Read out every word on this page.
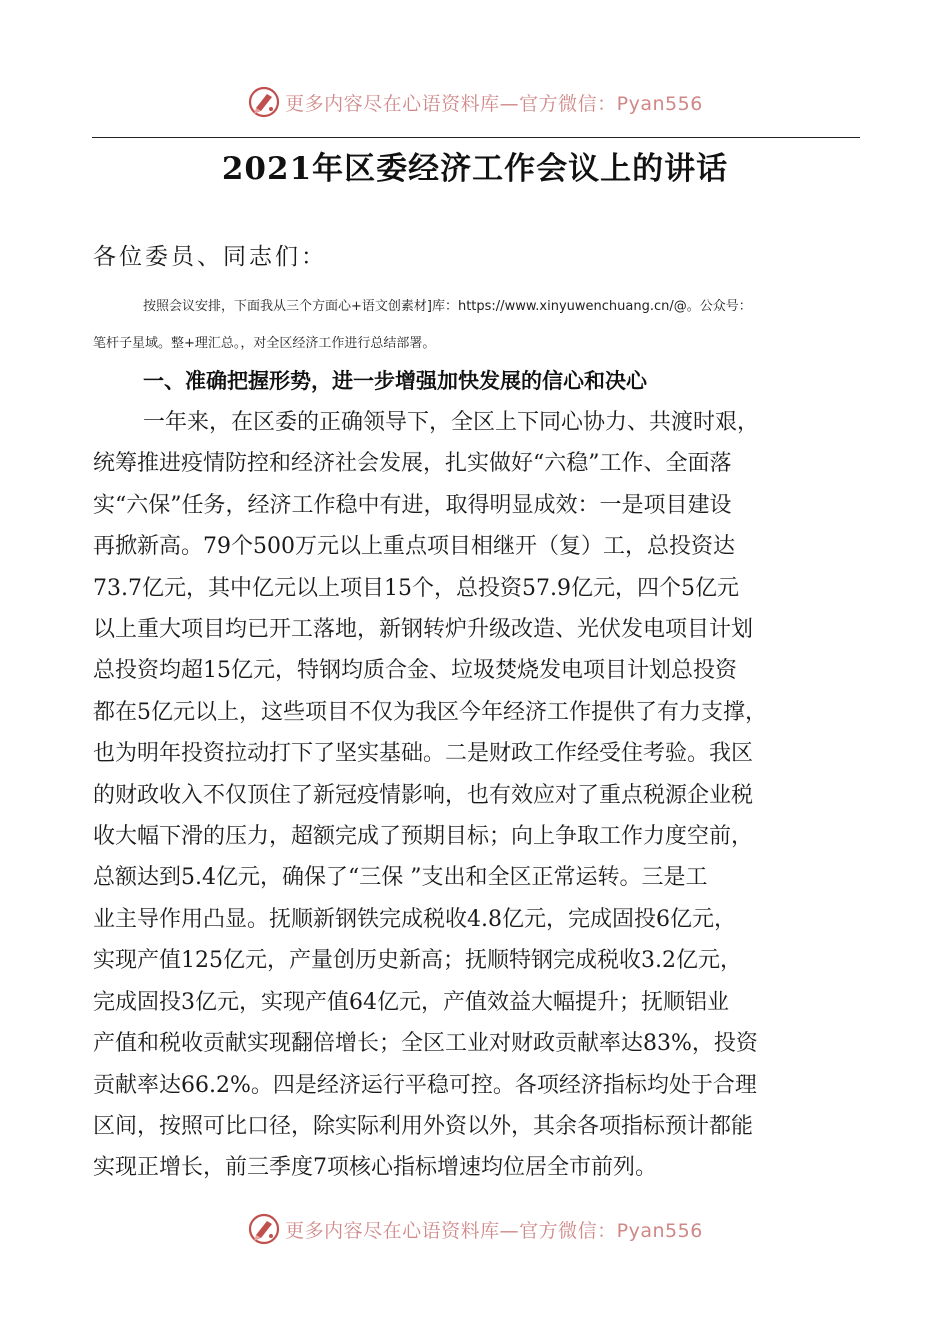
更多内容尽在心语资料库—官方微信：Pyan556
2021年区委经济工作会议上的讲话
各位委员、同志们：
按照会议安排，下面我从三个方面心+语文创素材]库：https://www.xinyuwenchuang.cn/@。公众号：
笔杆子星域。整+理汇总。，对全区经济工作进行总结部署。
一、准确把握形势，进一步增强加快发展的信心和决心
一年来，在区委的正确领导下，全区上下同心协力、共渡时艰，
统筹推进疫情防控和经济社会发展，扎实做好“六稳”工作、全面落
实“六保”任务，经济工作稳中有进，取得明显成效：一是项目建设
再掀新高。79个500万元以上重点项目相继开（复）工，总投资达
73.7亿元，其中亿元以上项目15个，总投资57.9亿元，四个5亿元
以上重大项目均已开工落地，新钢转炉升级改造、光伏发电项目计划
总投资均超15亿元，特钢均质合金、垃圾焚烧发电项目计划总投资
都在5亿元以上，这些项目不仅为我区今年经济工作提供了有力支撑，
也为明年投资拉动打下了坚实基础。二是财政工作经受住考验。我区
的财政收入不仅顶住了新冠疫情影响，也有效应对了重点税源企业税
收大幅下滑的压力，超额完成了预期目标；向上争取工作力度空前，
总额达到5.4亿元，确保了“三保 ”支出和全区正常运转。三是工
业主导作用凸显。抚顺新钢铁完成税收4.8亿元，完成固投6亿元，
实现产值125亿元，产量创历史新高；抚顺特钢完成税收3.2亿元，
完成固投3亿元，实现产值64亿元，产值效益大幅提升；抚顺铝业
产值和税收贡献实现翻倍增长；全区工业对财政贡献率达83%，投资
贡献率达66.2%。四是经济运行平稳可控。各项经济指标均处于合理
区间，按照可比口径，除实际利用外资以外，其余各项指标预计都能
实现正增长，前三季度7项核心指标增速均位居全市前列。
更多内容尽在心语资料库—官方微信：Pyan556
